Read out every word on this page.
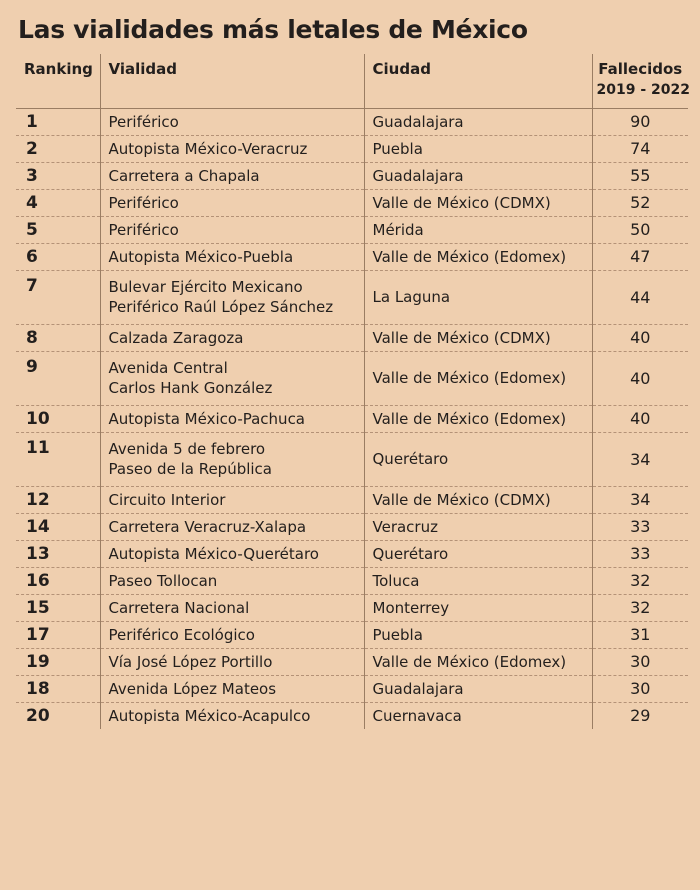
Las vialidades más letales de México
Ranking	Vialidad	Ciudad	Fallecidos
2019 - 2022

1	Periférico	Guadalajara	90
2	Autopista México-Veracruz	Puebla	74
3	Carretera a Chapala	Guadalajara	55
4	Periférico	Valle de México (CDMX)	52
5	Periférico	Mérida	50
6	Autopista México-Puebla	Valle de México (Edomex)	47
7	Bulevar Ejército Mexicano
Periférico Raúl López Sánchez	La Laguna	44
8	Calzada Zaragoza	Valle de México (CDMX)	40
9	Avenida Central
Carlos Hank González	Valle de México (Edomex)	40
10	Autopista México-Pachuca	Valle de México (Edomex)	40
11	Avenida 5 de febrero
Paseo de la República	Querétaro	34
12	Circuito Interior	Valle de México (CDMX)	34
14	Carretera Veracruz-Xalapa	Veracruz	33
13	Autopista México-Querétaro	Querétaro	33
16	Paseo Tollocan	Toluca	32
15	Carretera Nacional	Monterrey	32
17	Periférico Ecológico	Puebla	31
19	Vía José López Portillo	Valle de México (Edomex)	30
18	Avenida López Mateos	Guadalajara	30
20	Autopista México-Acapulco	Cuernavaca	29
